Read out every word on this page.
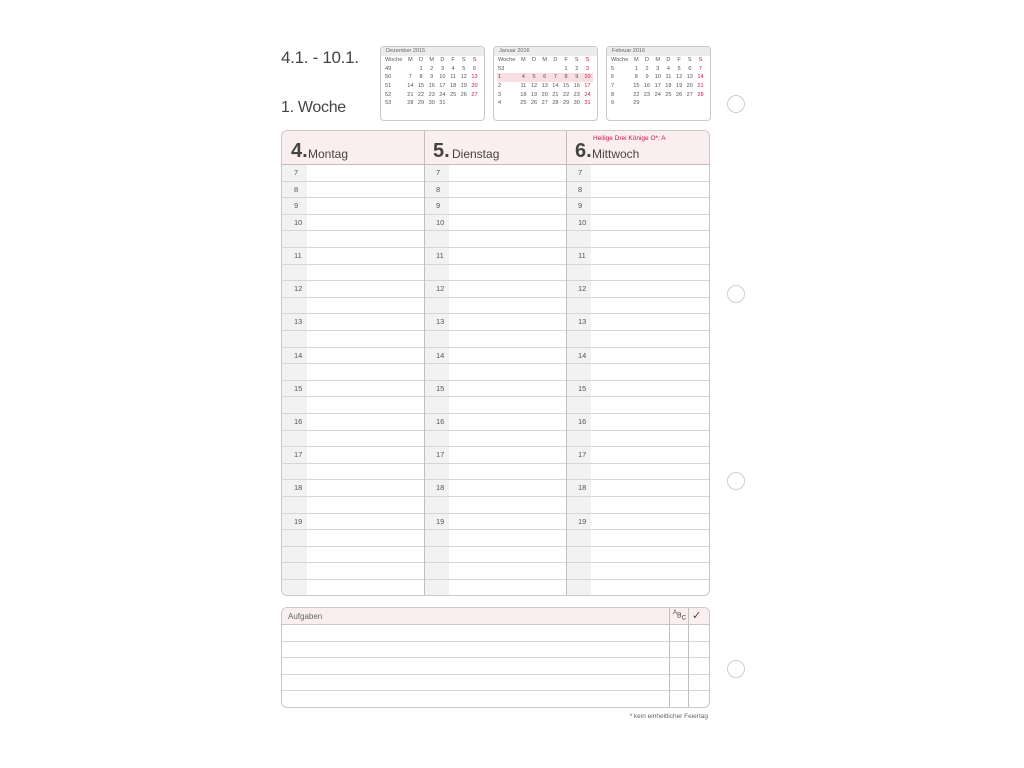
4.1. - 10.1.
1. Woche
Dezember 2015
Woche	M	D	M	D	F	S	S
49		1	2	3	4	5	6
50	7	8	9	10	11	12	13
51	14	15	16	17	18	19	20
52	21	22	23	24	25	26	27
53	28	29	30	31			
Januar 2016
Woche	M	D	M	D	F	S	S
53					1	2	3
1	4	5	6	7	8	9	10
2	11	12	13	14	15	16	17
3	18	19	20	21	22	23	24
4	25	26	27	28	29	30	31
Februar 2016
Woche	M	D	M	D	F	S	S
5	1	2	3	4	5	6	7
6	8	9	10	11	12	13	14
7	15	16	17	18	19	20	21
8	22	23	24	25	26	27	28
9	29						
4. Montag
7
8
9
10
11
12
13
14
15
16
17
18
19
5. Dienstag
7
8
9
10
11
12
13
14
15
16
17
18
19
6. Mittwoch
Heilige Drei Könige O*; A
7
8
9
10
11
12
13
14
15
16
17
18
19
Aufgaben	$^AB_C$ ✓
* kein einheitlicher Feiertag
